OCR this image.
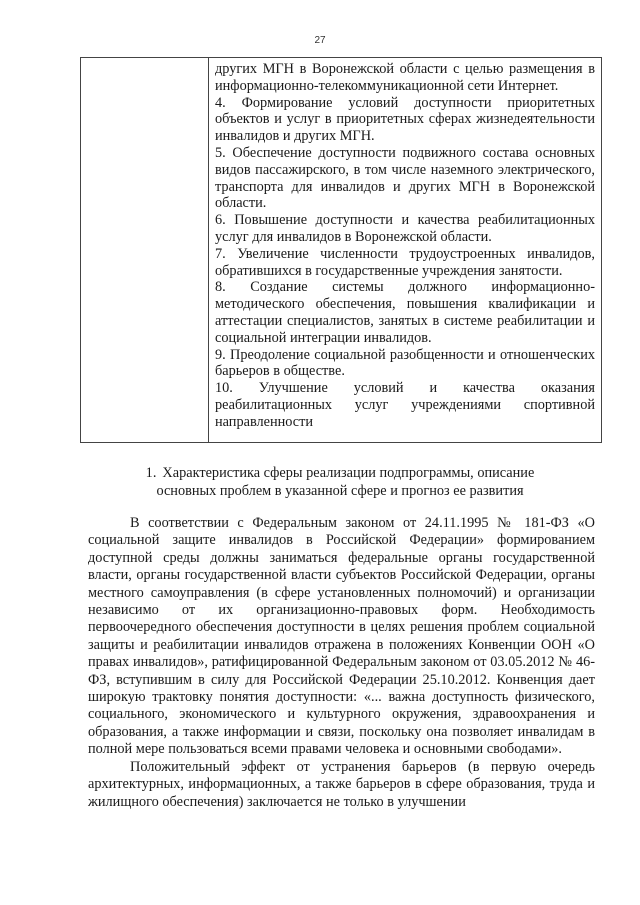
27

других МГН в Воронежской области с целью размещения в информационно-телекоммуникационной сети Интернет.

4. Формирование условий доступности приоритетных объектов и услуг в приоритетных сферах жизнедеятельности инвалидов и других МГН.

5. Обеспечение доступности подвижного состава основных видов пассажирского, в том числе наземного электрического, транспорта для инвалидов и других МГН в Воронежской области.

6. Повышение доступности и качества реабилитационных услуг для инвалидов в Воронежской области.

7. Увеличение численности трудоустроенных инвалидов, обратившихся в государственные учреждения занятости.

8. Создание системы должного информационно-методического обеспечения, повышения квалификации и аттестации специалистов, занятых в системе реабилитации и социальной интеграции инвалидов.

9. Преодоление социальной разобщенности и отношенческих барьеров в обществе.

10. Улучшение условий и качества оказания реабилитационных услуг учреждениями спортивной направленности

1. Характеристика сферы реализации подпрограммы, описание основных проблем в указанной сфере и прогноз ее развития

В соответствии с Федеральным законом от 24.11.1995 № 181-ФЗ «О социальной защите инвалидов в Российской Федерации» формированием доступной среды должны заниматься федеральные органы государственной власти, органы государственной власти субъектов Российской Федерации, органы местного самоуправления (в сфере установленных полномочий) и организации независимо от их организационно-правовых форм. Необходимость первоочередного обеспечения доступности в целях решения проблем социальной защиты и реабилитации инвалидов отражена в положениях Конвенции ООН «О правах инвалидов», ратифицированной Федеральным законом от 03.05.2012 № 46-ФЗ, вступившим в силу для Российской Федерации 25.10.2012. Конвенция дает широкую трактовку понятия доступности: «... важна доступность физического, социального, экономического и культурного окружения, здравоохранения и образования, а также информации и связи, поскольку она позволяет инвалидам в полной мере пользоваться всеми правами человека и основными свободами».

Положительный эффект от устранения барьеров (в первую очередь архитектурных, информационных, а также барьеров в сфере образования, труда и жилищного обеспечения) заключается не только в улучшении
